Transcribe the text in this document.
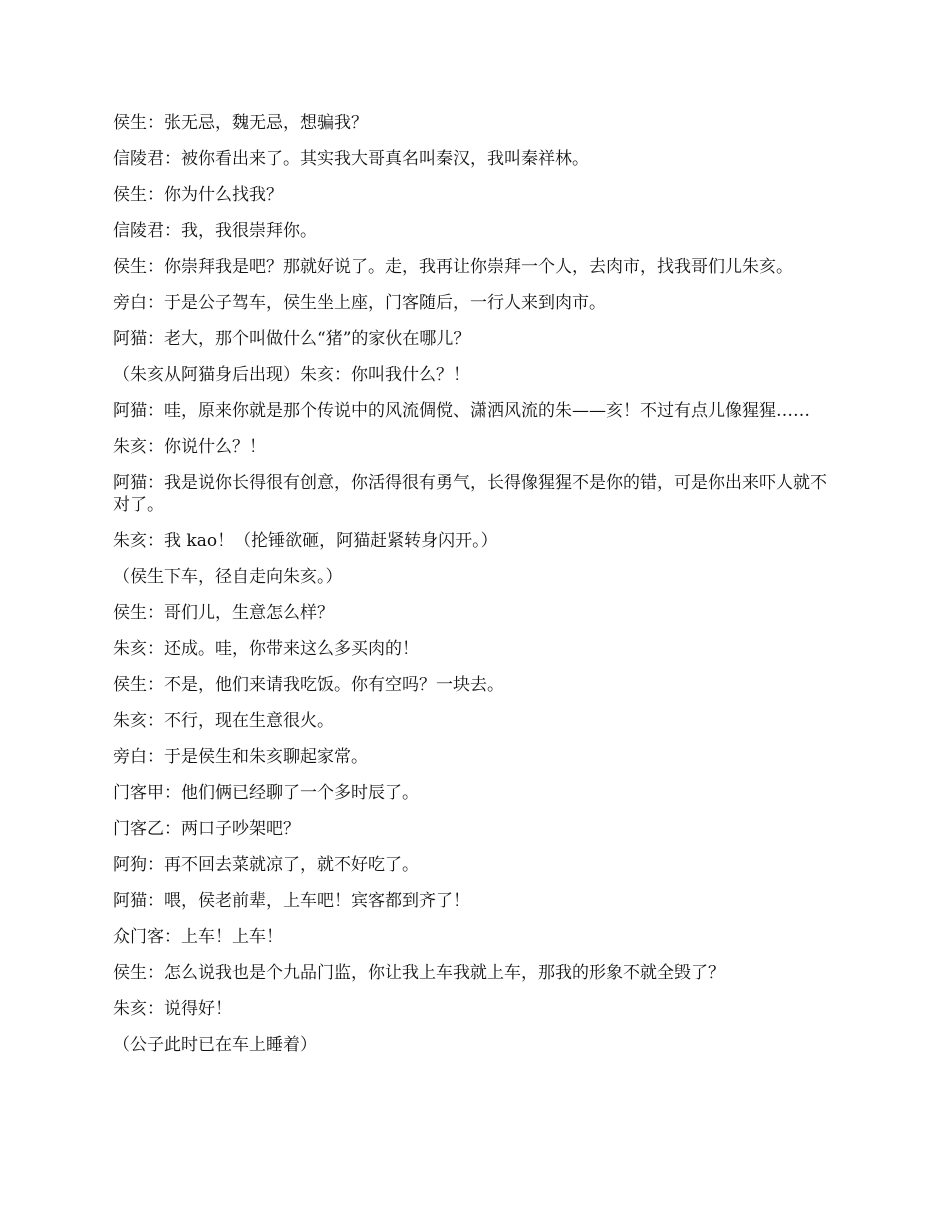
侯生：张无忌，魏无忌，想骗我？

信陵君：被你看出来了。其实我大哥真名叫秦汉，我叫秦祥林。

侯生：你为什么找我？

信陵君：我，我很崇拜你。

侯生：你崇拜我是吧？那就好说了。走，我再让你崇拜一个人，去肉市，找我哥们儿朱亥。

旁白：于是公子驾车，侯生坐上座，门客随后，一行人来到肉市。

阿猫：老大，那个叫做什么“猪”的家伙在哪儿？

（朱亥从阿猫身后出现）朱亥：你叫我什么？！

阿猫：哇，原来你就是那个传说中的风流倜傥、潇洒风流的朱——亥！不过有点儿像猩猩……

朱亥：你说什么？！

阿猫：我是说你长得很有创意，你活得很有勇气，长得像猩猩不是你的错，可是你出来吓人就不对了。

朱亥：我 kao！（抡锤欲砸，阿猫赶紧转身闪开。）

（侯生下车，径自走向朱亥。）

侯生：哥们儿，生意怎么样？

朱亥：还成。哇，你带来这么多买肉的！

侯生：不是，他们来请我吃饭。你有空吗？一块去。

朱亥：不行，现在生意很火。

旁白：于是侯生和朱亥聊起家常。

门客甲：他们俩已经聊了一个多时辰了。

门客乙：两口子吵架吧？

阿狗：再不回去菜就凉了，就不好吃了。

阿猫：喂，侯老前辈，上车吧！宾客都到齐了！

众门客：上车！上车！

侯生：怎么说我也是个九品门监，你让我上车我就上车，那我的形象不就全毁了？

朱亥：说得好！

（公子此时已在车上睡着）
